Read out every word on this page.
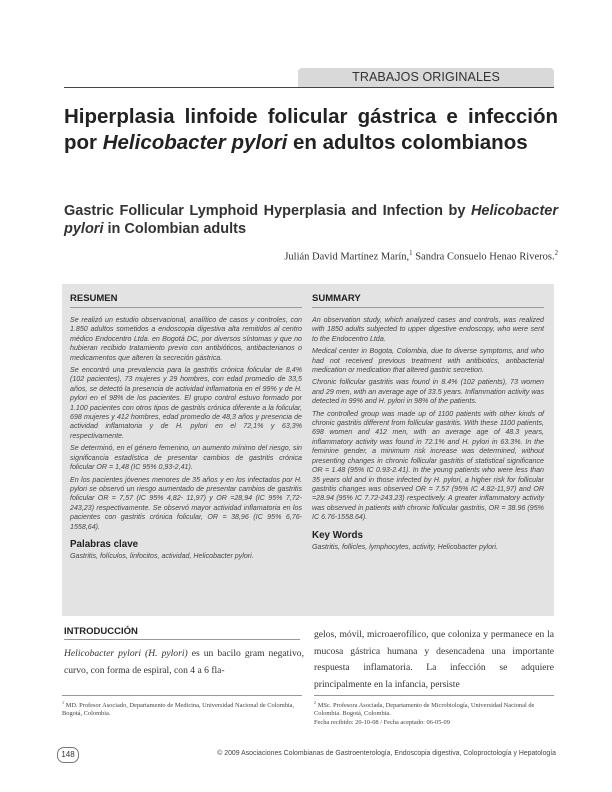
TRABAJOS ORIGINALES
Hiperplasia linfoide folicular gástrica e infección por Helicobacter pylori en adultos colombianos
Gastric Follicular Lymphoid Hyperplasia and Infection by Helicobacter pylori in Colombian adults
Julián David Martínez Marín,$^1$ Sandra Consuelo Henao Riveros.$^2$
RESUMEN

Se realizó un estudio observacional, analítico de casos y controles, con 1.850 adultos sometidos a endoscopia digestiva alta remitidos al centro médico Endocentro Ltda. en Bogotá DC, por diversos síntomas y que no hubieran recibido tratamiento previo con antibióticos, antibacterianos o medicamentos que alteren la secreción gástrica.

Se encontró una prevalencia para la gastritis crónica folicular de 8,4% (102 pacientes), 73 mujeres y 29 hombres, con edad promedio de 33,5 años, se detectó la presencia de actividad inflamatoria en el 99% y de H. pylori en el 98% de los pacientes. El grupo control estuvo formado por 1.100 pacientes con otros tipos de gastritis crónica diferente a la folicular, 698 mujeres y 412 hombres, edad promedio de 48,3 años y presencia de actividad inflamatoria y de H. pylori en el 72,1% y 63,3% respectivamente.

Se determinó, en el género femenino, un aumento mínimo del riesgo, sin significancia estadística de presentar cambios de gastritis crónica folicular OR = 1,48 (IC 95% 0,93-2,41).

En los pacientes jóvenes menores de 35 años y en los infectados por H. pylori se observó un riesgo aumentado de presentar cambios de gastritis folicular OR = 7,57 (IC 95% 4,82- 11,97) y OR =28,94 (IC 95% 7,72- 243,23) respectivamente. Se observó mayor actividad inflamatoria en los pacientes con gastritis crónica folicular, OR = 38,96 (IC 95% 6,76-1558,64).

Palabras clave
Gastritis, folículos, linfocitos, actividad, Helicobacter pylori.
SUMMARY

An observation study, which analyzed cases and controls, was realized with 1850 adults subjected to upper digestive endoscopy, who were sent to the Endocentro Ltda.

Medical center in Bogota, Colombia, due to diverse symptoms, and who had not received previous treatment with antibiotics, antibacterial medication or medication that altered gastric secretion.

Chronic follicular gastritis was found in 8.4% (102 patients), 73 women and 29 men, with an average age of 33.5 years. Inflammation activity was detected in 99% and H. pylori in 98% of the patients.

The controlled group was made up of 1100 patients with other kinds of chronic gastritis different from follicular gastritis. With these 1100 patients, 698 women and 412 men, with an average age of 48.3 years, inflammatory activity was found in 72.1% and H. pylori in 63.3%. In the feminine gender, a minimum risk increase was determined, without presenting changes in chronic follicular gastritis of statistical significance OR = 1.48 (95% IC 0.93-2.41). In the young patients who were less than 35 years old and in those infected by H. pylori, a higher risk for follicular gastritis changes was observed OR = 7.57 (95% IC 4.82-11,97) and OR =28.94 (95% IC 7.72-243.23) respectively. A greater inflammatory activity was observed in patients with chronic follicular gastritis, OR = 38.96 (95% IC 6.76-1558.64).

Key Words
Gastritis, follicles, lymphocytes, activity, Helicobacter pylori.
INTRODUCCIÓN
Helicobacter pylori (H. pylori) es un bacilo gram negativo, curvo, con forma de espiral, con 4 a 6 fla-
gelos, móvil, microaerofílico, que coloniza y permanece en la mucosa gástrica humana y desencadena una importante respuesta inflamatoria. La infección se adquiere principalmente en la infancia, persiste
$^1$ MD. Profesor Asociado, Departamento de Medicina, Universidad Nacional de Colombia, Bogotá, Colombia.
$^2$ MSc. Profesora Asociada, Departamento de Microbiología, Universidad Nacional de Colombia. Bogotá, Colombia.
Fecha recibido: 20-10-08 / Fecha aceptado: 06-05-09
148	© 2009 Asociaciones Colombianas de Gastroenterología, Endoscopia digestiva, Coloproctología y Hepatología
